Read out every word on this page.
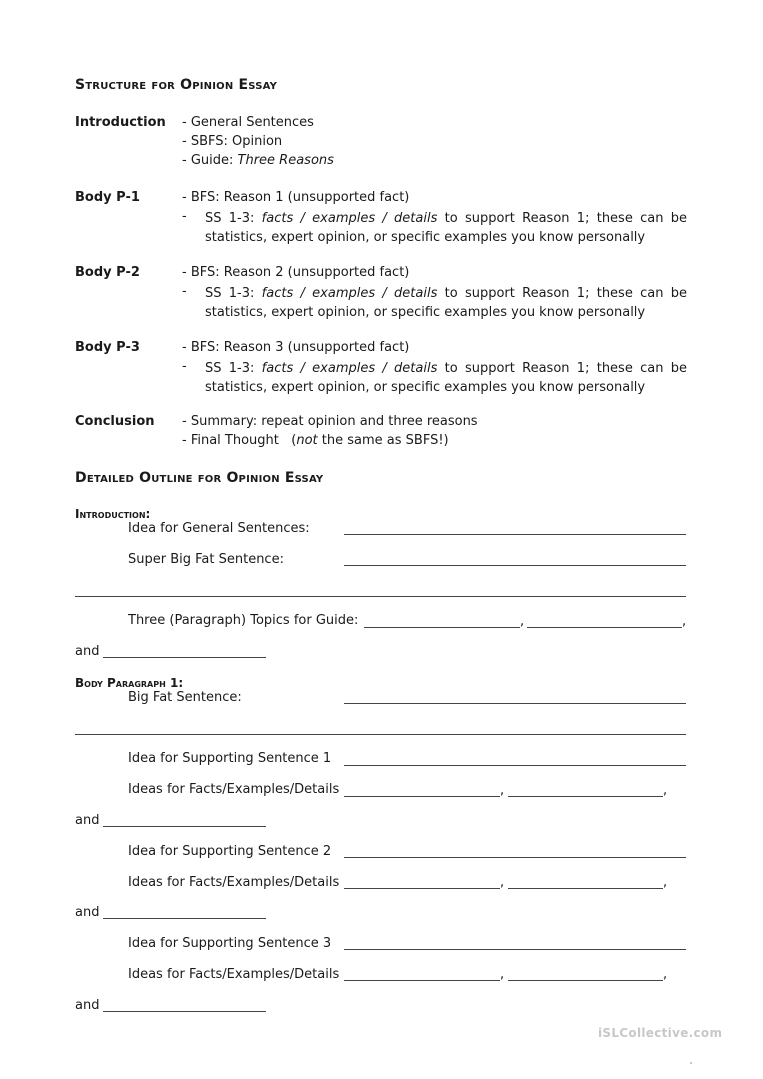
Structure for Opinion Essay
Introduction - General Sentences
- SBFS: Opinion
- Guide: Three Reasons
Body P-1	- BFS: Reason 1 (unsupported fact)
- SS 1-3: facts / examples / details to support Reason 1; these can be statistics, expert opinion, or specific examples you know personally
Body P-2	- BFS: Reason 2 (unsupported fact)
- SS 1-3: facts / examples / details to support Reason 1; these can be statistics, expert opinion, or specific examples you know personally
Body P-3	- BFS: Reason 3 (unsupported fact)
- SS 1-3: facts / examples / details to support Reason 1; these can be statistics, expert opinion, or specific examples you know personally
Conclusion - Summary: repeat opinion and three reasons
- Final Thought   (not the same as SBFS!)
Detailed Outline for Opinion Essay
Introduction:
Idea for General Sentences:
Super Big Fat Sentence:
Three (Paragraph) Topics for Guide:	,	,
and
Body Paragraph 1:
Big Fat Sentence:
Idea for Supporting Sentence 1
Ideas for Facts/Examples/Details	,	,
and
Idea for Supporting Sentence 2
Ideas for Facts/Examples/Details	,	,
and
Idea for Supporting Sentence 3
Ideas for Facts/Examples/Details	,	,
and
iSLCollective.com
